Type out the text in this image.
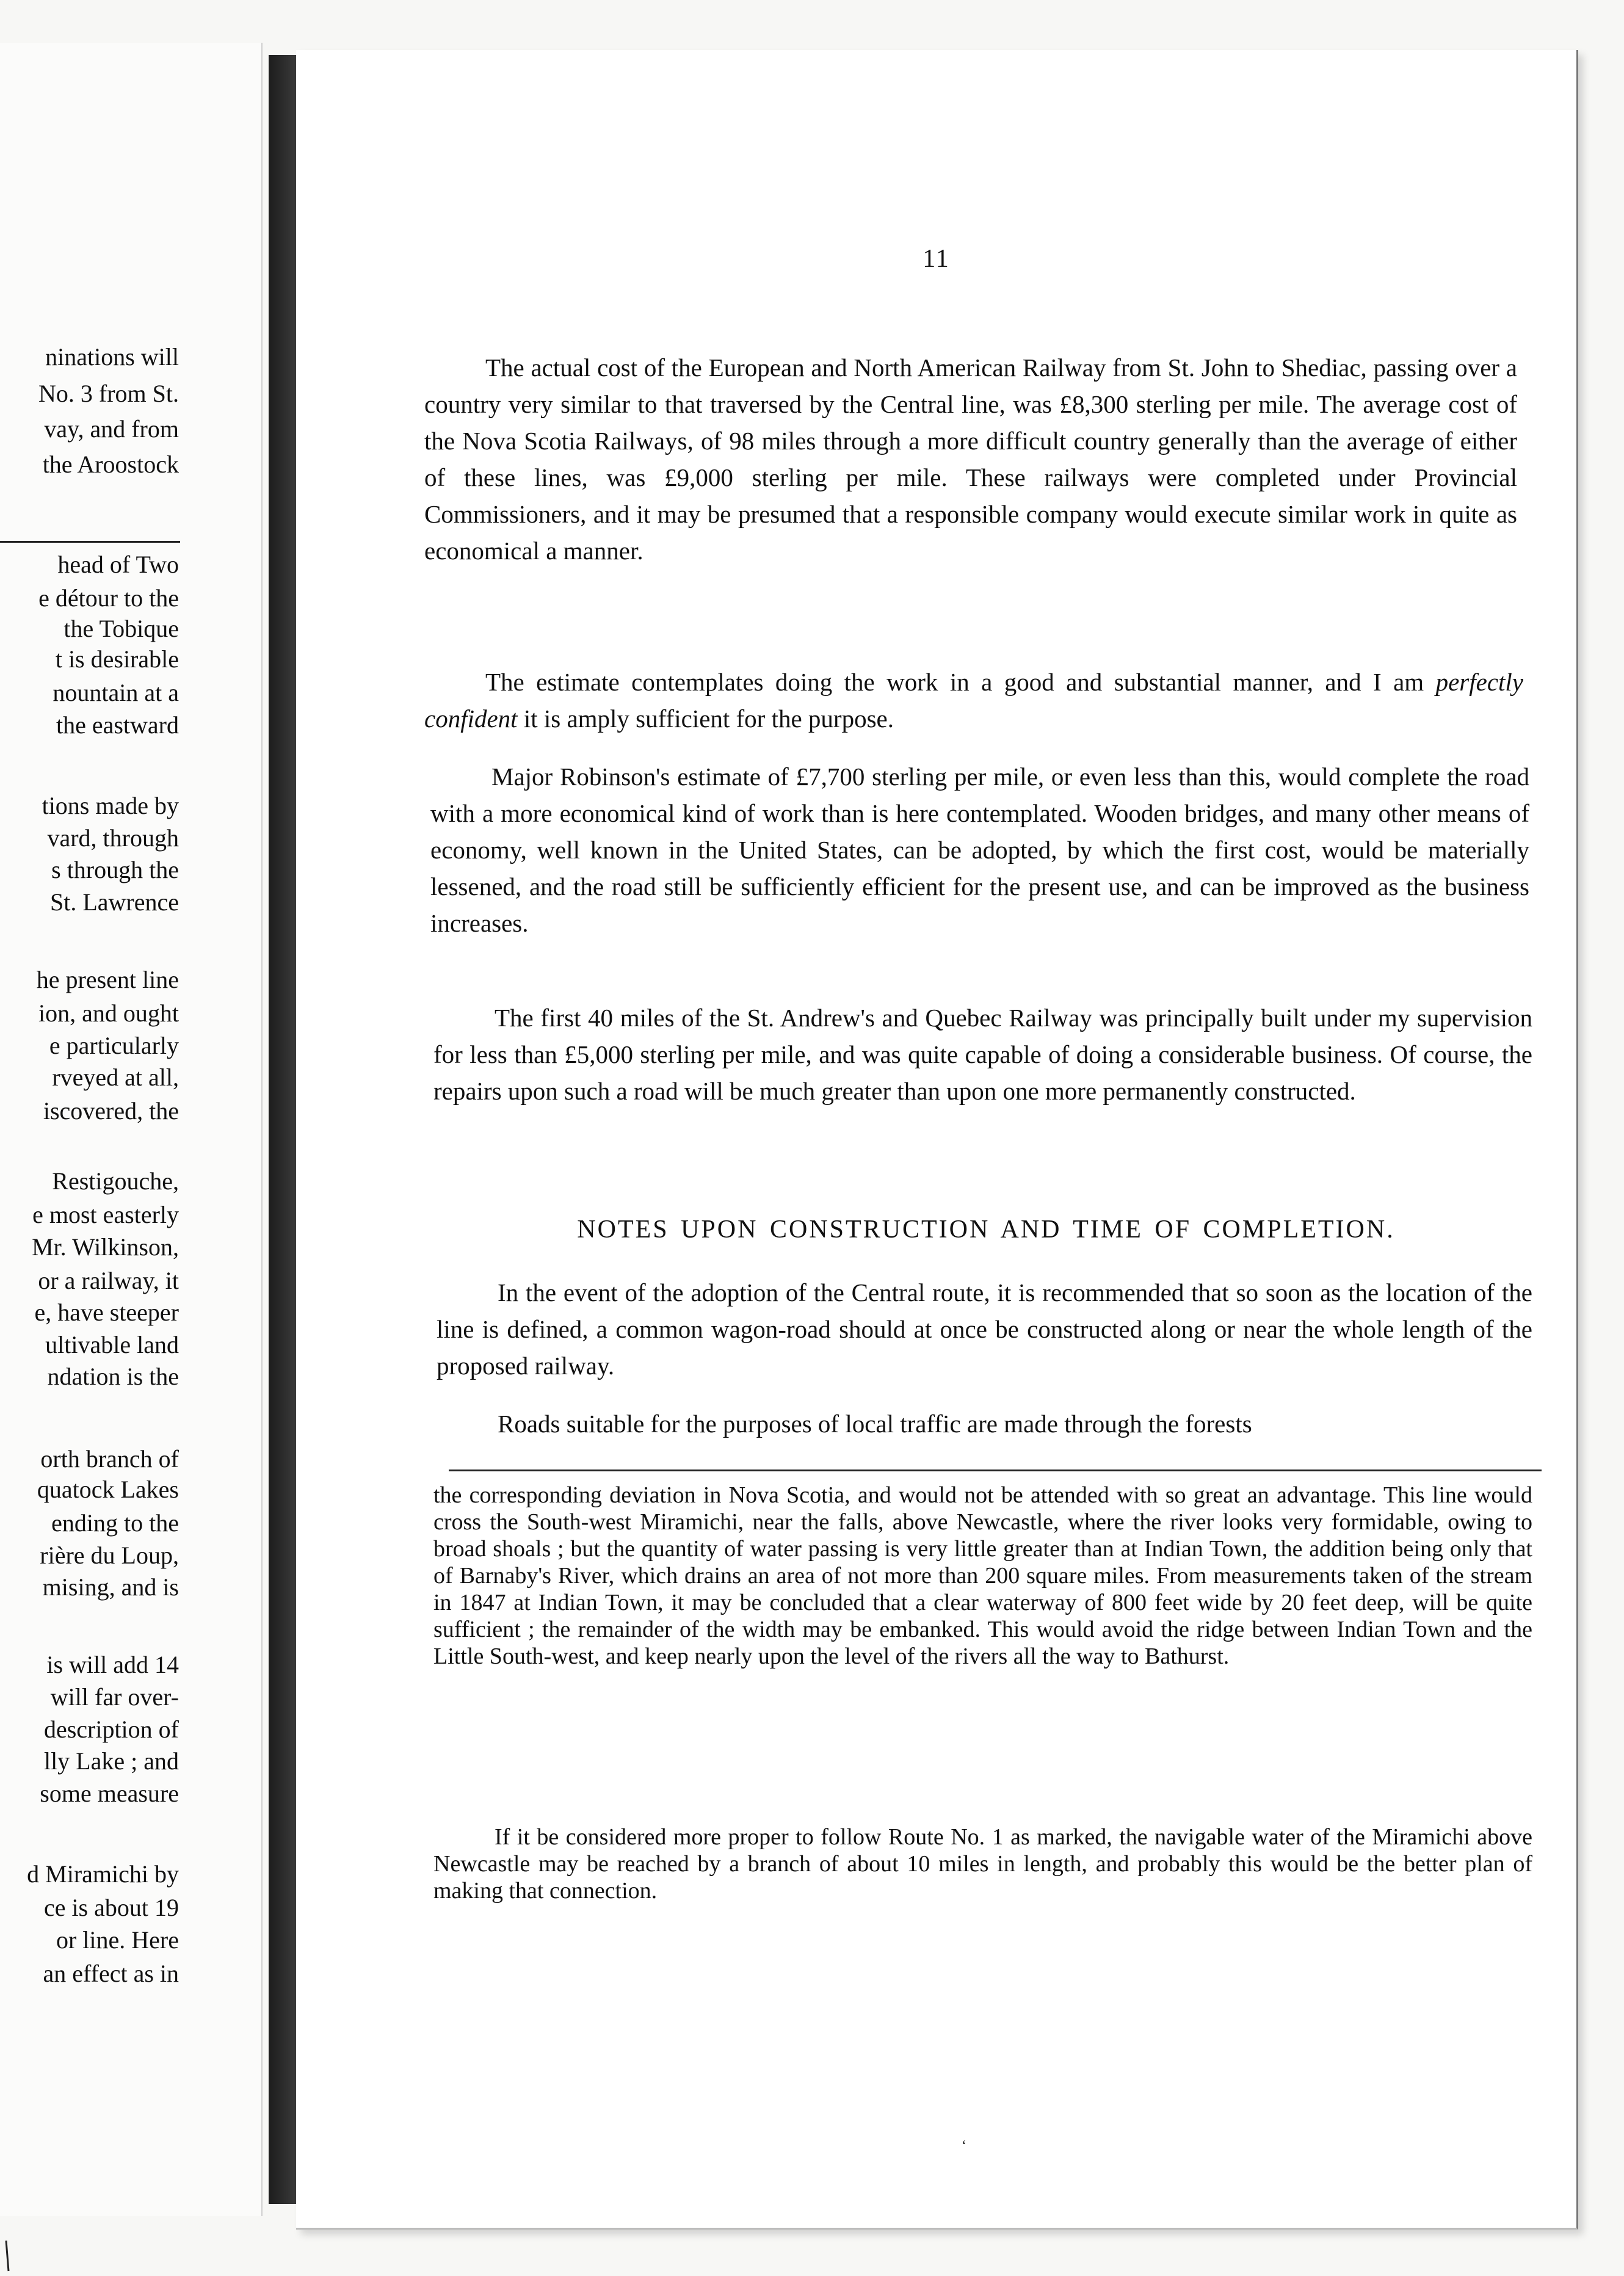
ninations will
No. 3 from St.
vay, and from
the Aroostock
head of Two
e détour to the
the Tobique
t is desirable
nountain at a
the eastward
tions made by
vard, through
s through the
St. Lawrence
he present line
ion, and ought
e particularly
rveyed at all,
iscovered, the
Restigouche,
e most easterly
Mr. Wilkinson,
or a railway, it
e, have steeper
ultivable land
ndation is the
orth branch of
quatock Lakes
ending to the
rière du Loup,
mising, and is
is will add 14
will far over-
description of
lly Lake ; and
some measure
d Miramichi by
ce is about 19
or line. Here
an effect as in
11

The actual cost of the European and North American Railway from St. John to Shediac, passing over a country very similar to that traversed by the Central line, was £8,300 sterling per mile. The average cost of the Nova Scotia Railways, of 98 miles through a more difficult country generally than the average of either of these lines, was £9,000 sterling per mile. These railways were completed under Provincial Commissioners, and it may be presumed that a responsible company would execute similar work in quite as economical a manner.

The estimate contemplates doing the work in a good and substantial manner, and I am perfectly confident it is amply sufficient for the purpose.

Major Robinson's estimate of £7,700 sterling per mile, or even less than this, would complete the road with a more economical kind of work than is here contemplated. Wooden bridges, and many other means of economy, well known in the United States, can be adopted, by which the first cost, would be materially lessened, and the road still be sufficiently efficient for the present use, and can be improved as the business increases.

The first 40 miles of the St. Andrew's and Quebec Railway was principally built under my supervision for less than £5,000 sterling per mile, and was quite capable of doing a considerable business. Of course, the repairs upon such a road will be much greater than upon one more permanently constructed.

NOTES UPON CONSTRUCTION AND TIME OF COMPLETION.

In the event of the adoption of the Central route, it is recommended that so soon as the location of the line is defined, a common wagon-road should at once be constructed along or near the whole length of the proposed railway.

Roads suitable for the purposes of local traffic are made through the forests

the corresponding deviation in Nova Scotia, and would not be attended with so great an advantage. This line would cross the South-west Miramichi, near the falls, above Newcastle, where the river looks very formidable, owing to broad shoals ; but the quantity of water passing is very little greater than at Indian Town, the addition being only that of Barnaby's River, which drains an area of not more than 200 square miles. From measurements taken of the stream in 1847 at Indian Town, it may be concluded that a clear waterway of 800 feet wide by 20 feet deep, will be quite sufficient ; the remainder of the width may be embanked. This would avoid the ridge between Indian Town and the Little South-west, and keep nearly upon the level of the rivers all the way to Bathurst.

If it be considered more proper to follow Route No. 1 as marked, the navigable water of the Miramichi above Newcastle may be reached by a branch of about 10 miles in length, and probably this would be the better plan of making that connection.

‘
